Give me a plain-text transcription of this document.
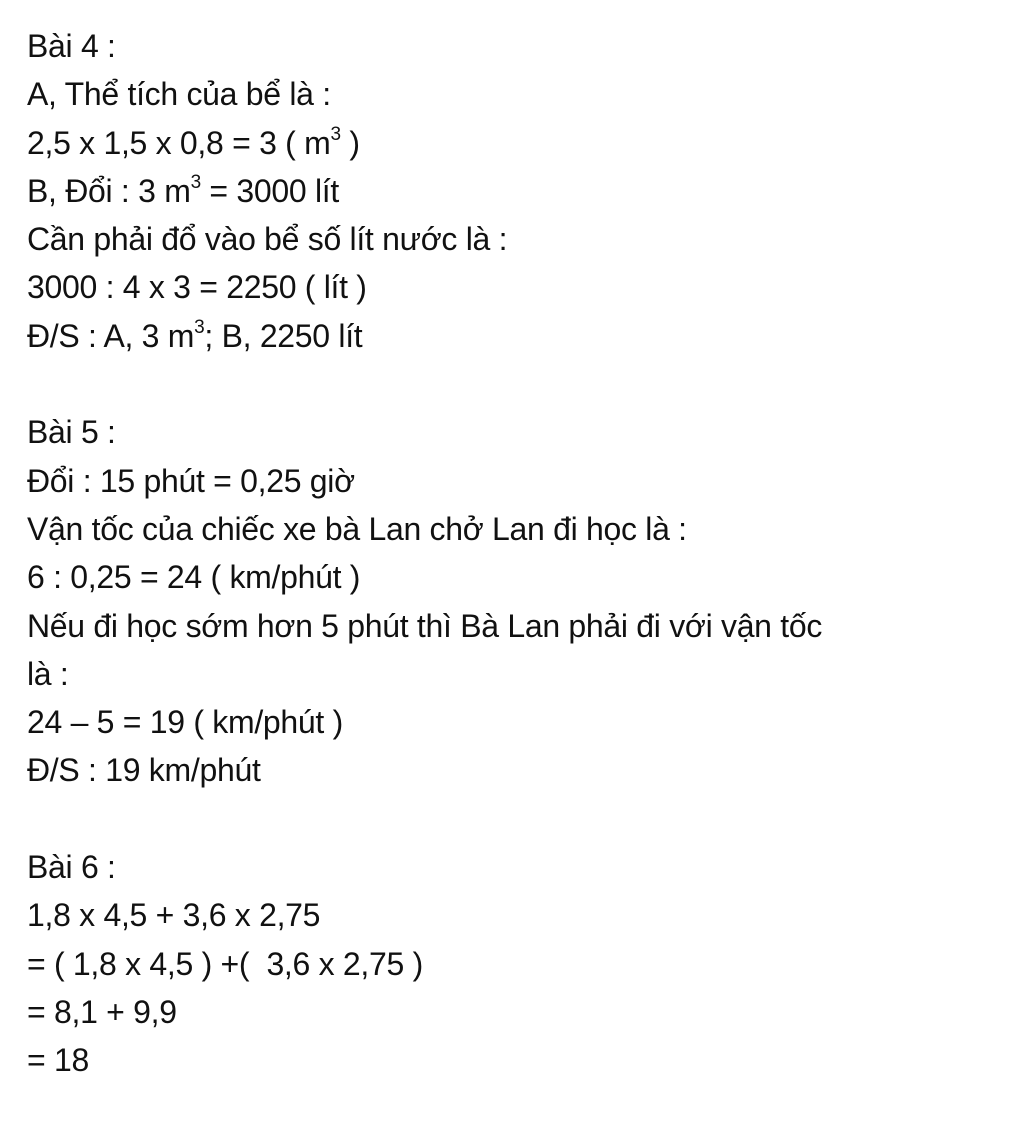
Bài 4 :
A, Thể tích của bể là :
2,5 x 1,5 x 0,8 = 3 ( $m^3$ )
B, Đổi : 3 $m^3 = 3000$ lít
Cần phải đổ vào bể số lít nước là :
3000 : 4 x 3 = 2250 ( lít )
Đ/S : A, 3 $m^3$; B, 2250 lít
Bài 5 :
Đổi : 15 phút = 0,25 giờ
Vận tốc của chiếc xe bà Lan chở Lan đi học là :
6 : 0,25 = 24 ( km/phút )
Nếu đi học sớm hơn 5 phút thì Bà Lan phải đi với vận tốc
là :
24 – 5 = 19 ( km/phút )
Đ/S : 19 km/phút
Bài 6 :
1,8 x 4,5 + 3,6 x 2,75
= ( 1,8 x 4,5 ) +(  3,6 x 2,75 )
= 8,1 + 9,9
= 18
